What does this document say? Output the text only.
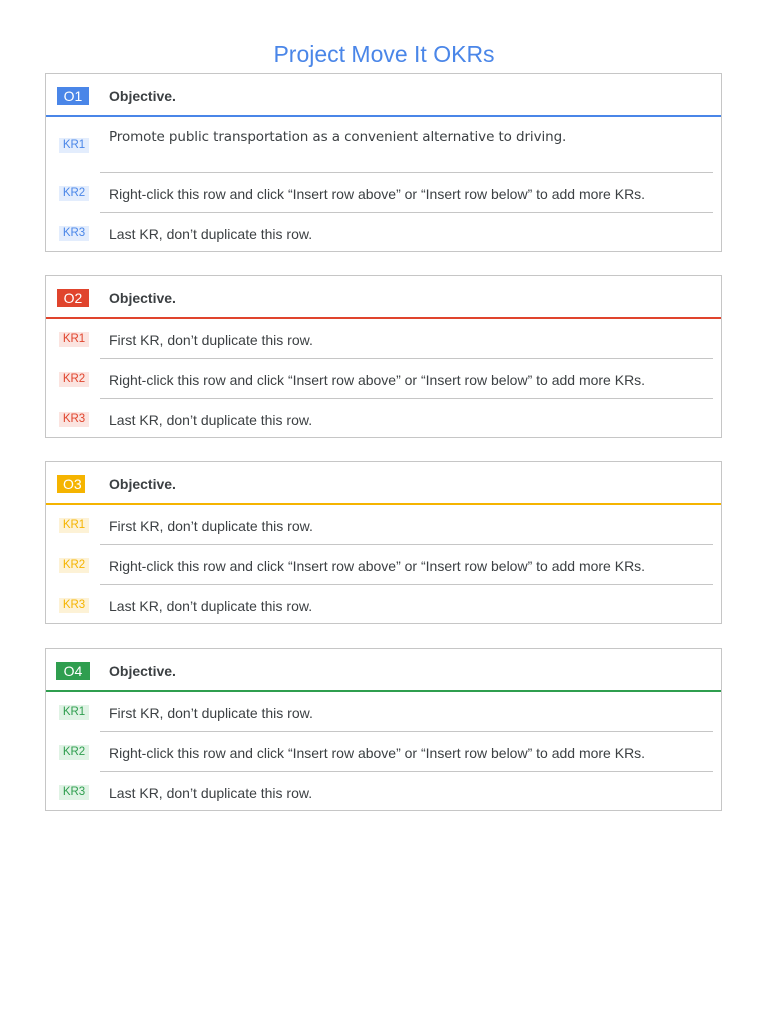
Project Move It OKRs
O1	Objective.
KR1 Promote public transportation as a convenient alternative to driving.
KR2 Right-click this row and click “Insert row above” or “Insert row below” to add more KRs.
KR3 Last KR, don’t duplicate this row.
O2	Objective.
KR1 First KR, don’t duplicate this row.
KR2 Right-click this row and click “Insert row above” or “Insert row below” to add more KRs.
KR3 Last KR, don’t duplicate this row.
O3 Objective.
KR1 First KR, don’t duplicate this row.
KR2 Right-click this row and click “Insert row above” or “Insert row below” to add more KRs.
KR3 Last KR, don’t duplicate this row.
O4	Objective.
KR1 First KR, don’t duplicate this row.
KR2 Right-click this row and click “Insert row above” or “Insert row below” to add more KRs.
KR3 Last KR, don’t duplicate this row.
